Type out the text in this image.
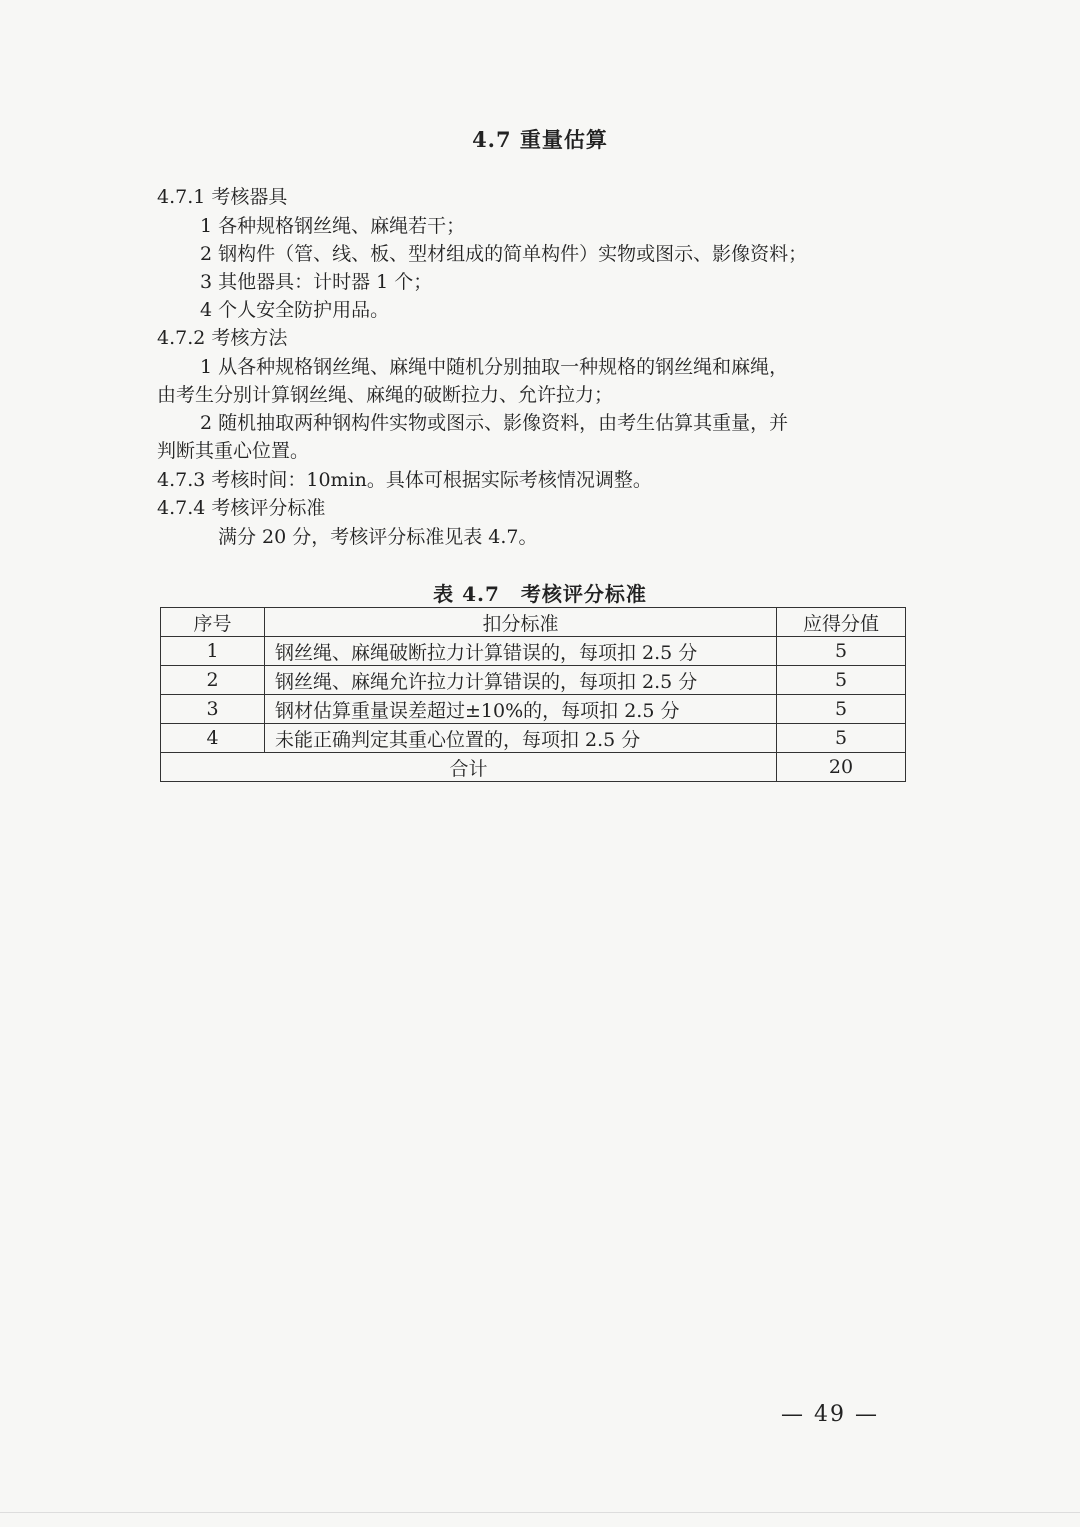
4.7 重量估算
4.7.1 考核器具
1 各种规格钢丝绳、麻绳若干；
2 钢构件（管、线、板、型材组成的简单构件）实物或图示、影像资料；
3 其他器具：计时器 1 个；
4 个人安全防护用品。
4.7.2 考核方法
1 从各种规格钢丝绳、麻绳中随机分别抽取一种规格的钢丝绳和麻绳，
由考生分别计算钢丝绳、麻绳的破断拉力、允许拉力；
2 随机抽取两种钢构件实物或图示、影像资料，由考生估算其重量，并
判断其重心位置。
4.7.3 考核时间：10min。具体可根据实际考核情况调整。
4.7.4 考核评分标准
满分 20 分，考核评分标准见表 4.7。
表 4.7　考核评分标准
序号	扣分标准	应得分值
1	钢丝绳、麻绳破断拉力计算错误的，每项扣 2.5 分	5
2	钢丝绳、麻绳允许拉力计算错误的，每项扣 2.5 分	5
3	钢材估算重量误差超过±10%的，每项扣 2.5 分	5
4	未能正确判定其重心位置的，每项扣 2.5 分	5
合计		20
— 49 —
